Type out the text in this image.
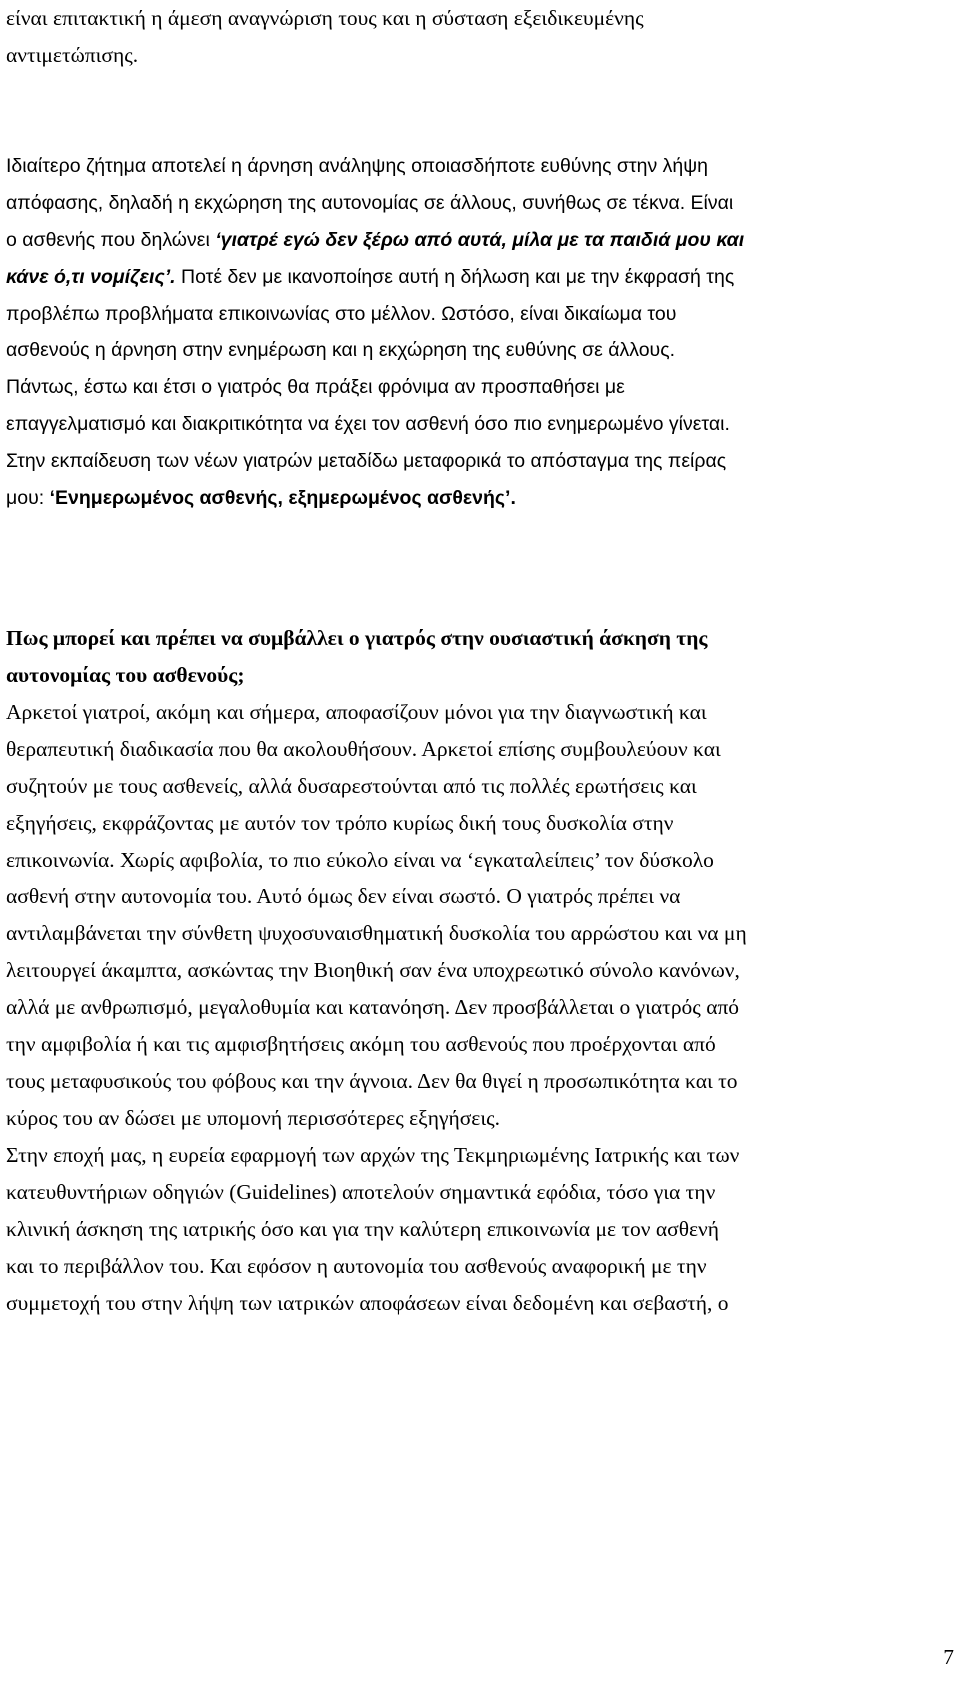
είναι επιτακτική η άμεση αναγνώριση τους και η σύσταση εξειδικευμένης
αντιμετώπισης.
Ιδιαίτερο ζήτημα αποτελεί η άρνηση ανάληψης οποιασδήποτε ευθύνης στην λήψη
απόφασης, δηλαδή η εκχώρηση της αυτονομίας σε άλλους, συνήθως σε τέκνα. Είναι
ο ασθενής που δηλώνει ‘γιατρέ εγώ δεν ξέρω από αυτά, μίλα με τα παιδιά μου και
κάνε ό,τι νομίζεις’. Ποτέ δεν με ικανοποίησε αυτή η δήλωση και με την έκφρασή της
προβλέπω προβλήματα επικοινωνίας στο μέλλον. Ωστόσο, είναι δικαίωμα του
ασθενούς η άρνηση στην ενημέρωση και η εκχώρηση της ευθύνης σε άλλους.
Πάντως, έστω και έτσι ο γιατρός θα πράξει φρόνιμα αν προσπαθήσει με
επαγγελματισμό και διακριτικότητα να έχει τον ασθενή όσο πιο ενημερωμένο γίνεται.
Στην εκπαίδευση των νέων γιατρών μεταδίδω μεταφορικά το απόσταγμα της πείρας
μου: ‘Ενημερωμένος ασθενής, εξημερωμένος ασθενής’.
Πως μπορεί και πρέπει να συμβάλλει ο γιατρός στην ουσιαστική άσκηση της
αυτονομίας του ασθενούς;
Αρκετοί γιατροί, ακόμη και σήμερα, αποφασίζουν μόνοι για την διαγνωστική και
θεραπευτική διαδικασία που θα ακολουθήσουν. Αρκετοί επίσης συμβουλεύουν και
συζητούν με τους ασθενείς, αλλά δυσαρεστούνται από τις πολλές ερωτήσεις και
εξηγήσεις, εκφράζοντας με αυτόν τον τρόπο κυρίως δική τους δυσκολία στην
επικοινωνία. Χωρίς αφιβολία, το πιο εύκολο είναι να ‘εγκαταλείπεις’ τον δύσκολο
ασθενή στην αυτονομία του. Αυτό όμως δεν είναι σωστό. Ο γιατρός πρέπει να
αντιλαμβάνεται την σύνθετη ψυχοσυναισθηματική δυσκολία του αρρώστου και να μη
λειτουργεί άκαμπτα, ασκώντας την Βιοηθική σαν ένα υποχρεωτικό σύνολο κανόνων,
αλλά με ανθρωπισμό, μεγαλοθυμία και κατανόηση. Δεν προσβάλλεται ο γιατρός από
την αμφιβολία ή και τις αμφισβητήσεις ακόμη του ασθενούς που προέρχονται από
τους μεταφυσικούς του φόβους και την άγνοια. Δεν θα θιγεί η προσωπικότητα και το
κύρος του αν δώσει με υπομονή περισσότερες εξηγήσεις.
Στην εποχή μας, η ευρεία εφαρμογή των αρχών της Τεκμηριωμένης Ιατρικής και των
κατευθυντήριων οδηγιών (Guidelines) αποτελούν σημαντικά εφόδια, τόσο για την
κλινική άσκηση της ιατρικής όσο και για την καλύτερη επικοινωνία με τον ασθενή
και το περιβάλλον του. Και εφόσον η αυτονομία του ασθενούς αναφορική με την
συμμετοχή του στην λήψη των ιατρικών αποφάσεων είναι δεδομένη και σεβαστή, ο
7
